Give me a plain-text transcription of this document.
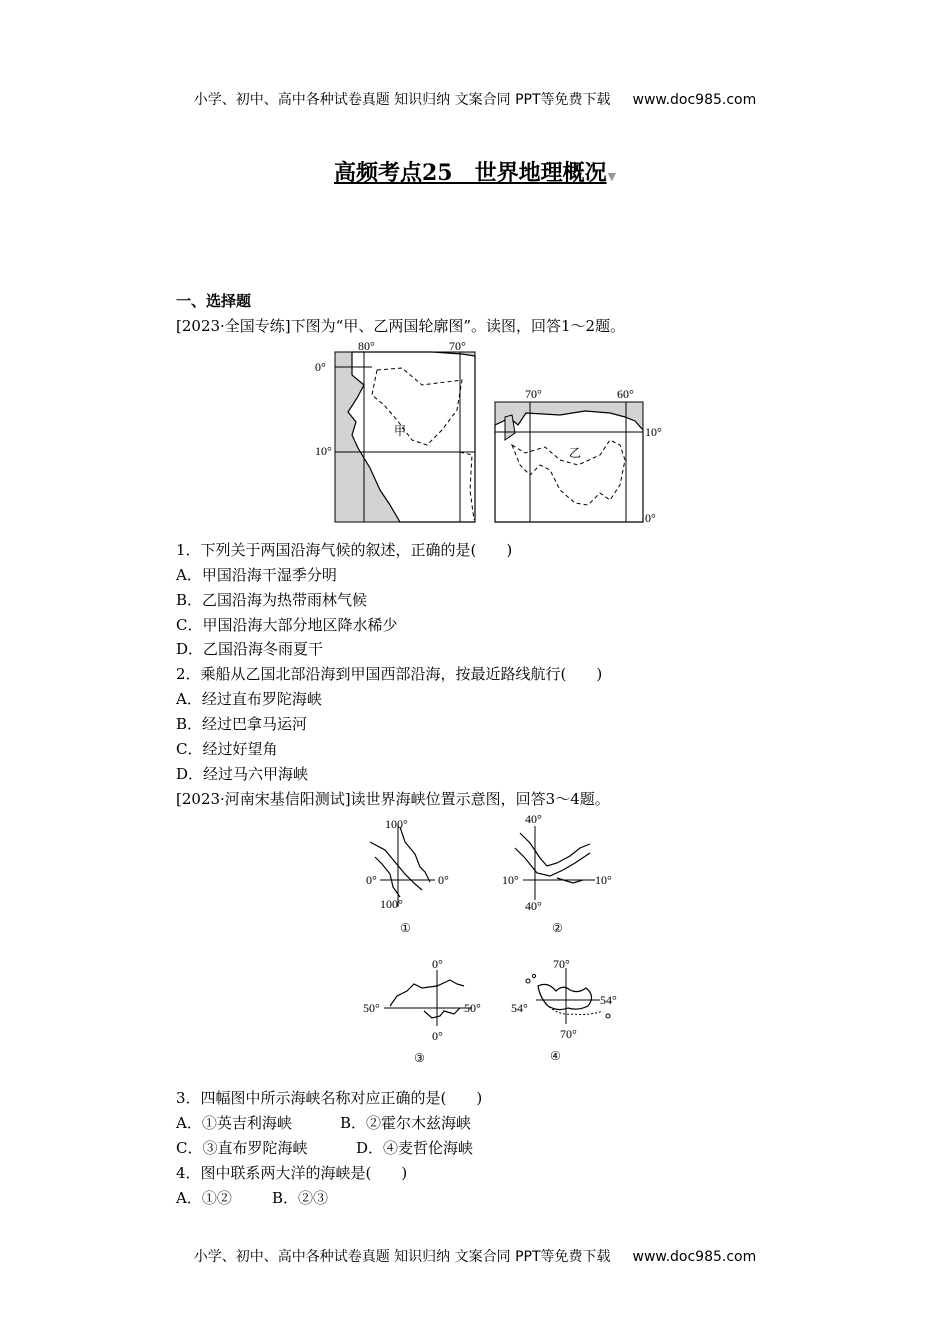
小学、初中、高中各种试卷真题 知识归纳 文案合同 PPT等免费下载 www.doc985.com
高频考点25　世界地理概况▼
一、选择题
[2023·全国专练]下图为“甲、乙两国轮廓图”。读图，回答1～2题。
80°	70°
0°
10°
甲
70°	60°
10°
0°
乙
1．下列关于两国沿海气候的叙述，正确的是(　　)
A．甲国沿海干湿季分明
B．乙国沿海为热带雨林气候
C．甲国沿海大部分地区降水稀少
D．乙国沿海冬雨夏干
2．乘船从乙国北部沿海到甲国西部沿海，按最近路线航行(　　)
A．经过直布罗陀海峡
B．经过巴拿马运河
C．经过好望角
D．经过马六甲海峡
[2023·河南宋基信阳测试]读世界海峡位置示意图，回答3～4题。
100°
0°	0°
100°
①
40°
10°	10°
40°
②
0°
50°	50°
0°
③
70°
54°
54°
70°
④
3．四幅图中所示海峡名称对应正确的是(　　)
A．①英吉利海峡	B．②霍尔木兹海峡
C．③直布罗陀海峡	D．④麦哲伦海峡
4．图中联系两大洋的海峡是(　　)
A．①②	B．②③
小学、初中、高中各种试卷真题 知识归纳 文案合同 PPT等免费下载 www.doc985.com
